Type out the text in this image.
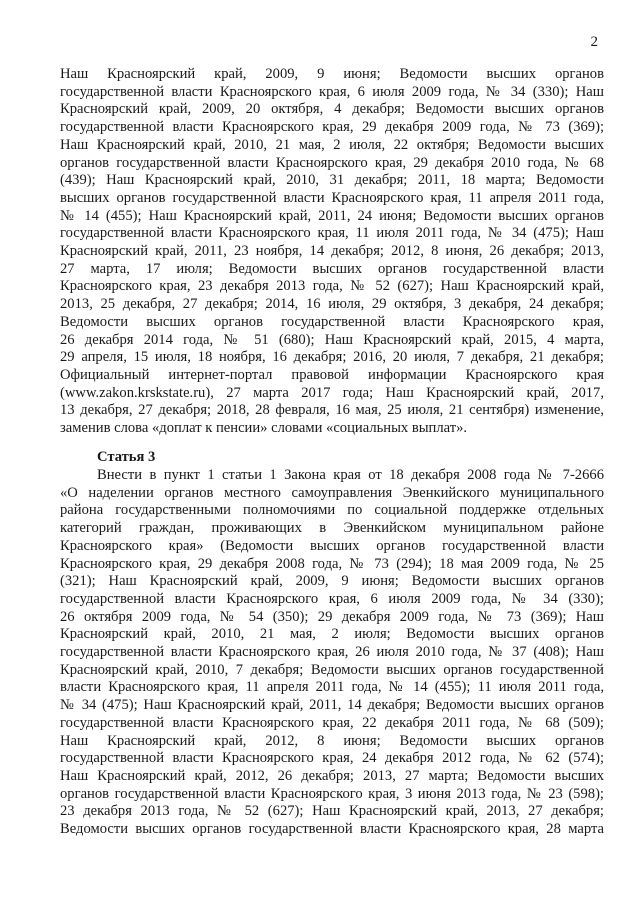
2
Наш Красноярский край, 2009, 9 июня; Ведомости высших органов
государственной власти Красноярского края, 6 июля 2009 года, № 34 (330); Наш
Красноярский край, 2009, 20 октября, 4 декабря; Ведомости высших органов
государственной власти Красноярского края, 29 декабря 2009 года, № 73 (369);
Наш Красноярский край, 2010, 21 мая, 2 июля, 22 октября; Ведомости высших
органов государственной власти Красноярского края, 29 декабря 2010 года, № 68
(439); Наш Красноярский край, 2010, 31 декабря; 2011, 18 марта; Ведомости
высших органов государственной власти Красноярского края, 11 апреля 2011 года,
№ 14 (455); Наш Красноярский край, 2011, 24 июня; Ведомости высших органов
государственной власти Красноярского края, 11 июля 2011 года, № 34 (475); Наш
Красноярский край, 2011, 23 ноября, 14 декабря; 2012, 8 июня, 26 декабря; 2013,
27 марта, 17 июля; Ведомости высших органов государственной власти
Красноярского края, 23 декабря 2013 года, № 52 (627); Наш Красноярский край,
2013, 25 декабря, 27 декабря; 2014, 16 июля, 29 октября, 3 декабря, 24 декабря;
Ведомости высших органов государственной власти Красноярского края,
26 декабря 2014 года, № 51 (680); Наш Красноярский край, 2015, 4 марта,
29 апреля, 15 июля, 18 ноября, 16 декабря; 2016, 20 июля, 7 декабря, 21 декабря;
Официальный интернет-портал правовой информации Красноярского края
(www.zakon.krskstate.ru), 27 марта 2017 года; Наш Красноярский край, 2017,
13 декабря, 27 декабря; 2018, 28 февраля, 16 мая, 25 июля, 21 сентября) изменение,
заменив слова «доплат к пенсии» словами «социальных выплат».
Статья 3
Внести в пункт 1 статьи 1 Закона края от 18 декабря 2008 года № 7-2666
«О наделении органов местного самоуправления Эвенкийского муниципального
района государственными полномочиями по социальной поддержке отдельных
категорий граждан, проживающих в Эвенкийском муниципальном районе
Красноярского края» (Ведомости высших органов государственной власти
Красноярского края, 29 декабря 2008 года, № 73 (294); 18 мая 2009 года, № 25
(321); Наш Красноярский край, 2009, 9 июня; Ведомости высших органов
государственной власти Красноярского края, 6 июля 2009 года, № 34 (330);
26 октября 2009 года, № 54 (350); 29 декабря 2009 года, № 73 (369); Наш
Красноярский край, 2010, 21 мая, 2 июля; Ведомости высших органов
государственной власти Красноярского края, 26 июля 2010 года, № 37 (408); Наш
Красноярский край, 2010, 7 декабря; Ведомости высших органов государственной
власти Красноярского края, 11 апреля 2011 года, № 14 (455); 11 июля 2011 года,
№ 34 (475); Наш Красноярский край, 2011, 14 декабря; Ведомости высших органов
государственной власти Красноярского края, 22 декабря 2011 года, № 68 (509);
Наш Красноярский край, 2012, 8 июня; Ведомости высших органов
государственной власти Красноярского края, 24 декабря 2012 года, № 62 (574);
Наш Красноярский край, 2012, 26 декабря; 2013, 27 марта; Ведомости высших
органов государственной власти Красноярского края, 3 июня 2013 года, № 23 (598);
23 декабря 2013 года, № 52 (627); Наш Красноярский край, 2013, 27 декабря;
Ведомости высших органов государственной власти Красноярского края, 28 марта
